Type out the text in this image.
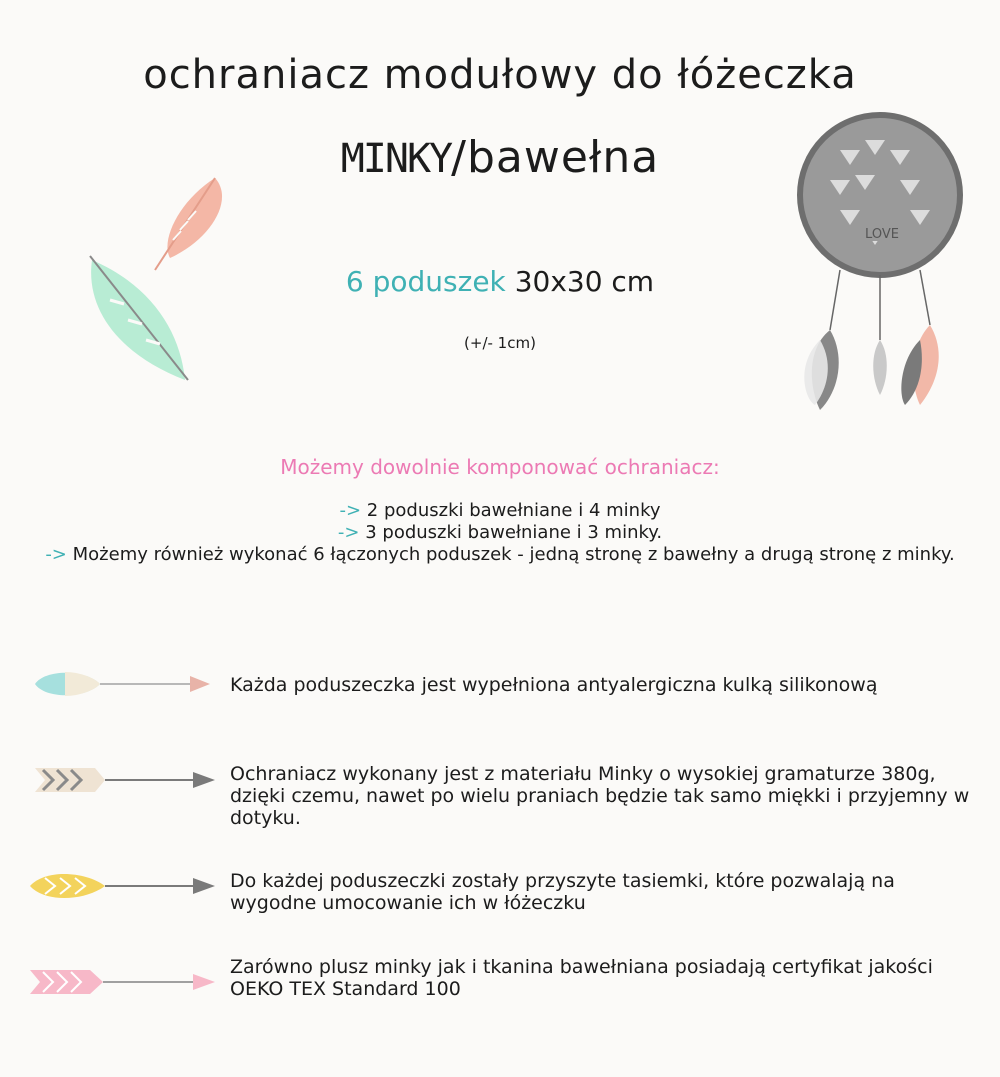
LOVE
ochraniacz modułowy do łóżeczka
MINKY/bawełna
6 poduszek 30x30 cm
(+/- 1cm)
Możemy dowolnie komponować ochraniacz:
-> 2 poduszki bawełniane i 4 minky
-> 3 poduszki bawełniane i 3 minky.
-> Możemy również wykonać 6 łączonych poduszek - jedną stronę z bawełny a drugą stronę z minky.
Każda poduszeczka jest wypełniona antyalergiczna kulką silikonową
Ochraniacz wykonany jest z materiału Minky o wysokiej gramaturze 380g, dzięki czemu, nawet po wielu praniach będzie tak samo miękki i przyjemny w dotyku.
Do każdej poduszeczki zostały przyszyte tasiemki, które pozwalają na wygodne umocowanie ich w łóżeczku
Zarówno plusz minky jak i tkanina bawełniana posiadają certyfikat jakości OEKO TEX Standard 100
